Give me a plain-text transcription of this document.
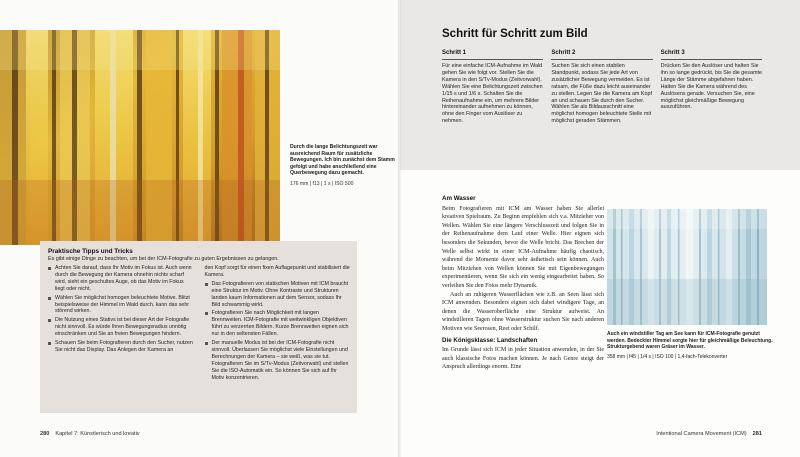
Durch die lange Belichtungszeit war ausreichend Raum für zusätzliche Bewegungen. Ich bin zunächst dem Stamm gefolgt und habe anschließend eine Querbewegung dazu gemacht.
176 mm | f13 | 1 s | ISO 500
Praktische Tipps und Tricks
Es gibt einige Dinge zu beachten, um bei der ICM-Fotografie zu guten Ergebnissen zu gelangen.
Achten Sie darauf, dass Ihr Motiv im Fokus ist. Auch wenn durch die Bewegung der Kamera ohnehin nichts scharf wird, sieht ein geschultes Auge, ob das Motiv im Fokus liegt oder nicht.
Wählen Sie möglichst homogen beleuchtete Motive. Blitzt beispielsweise der Himmel im Wald durch, kann das sehr störend wirken.
Die Nutzung eines Stativs ist bei dieser Art der Fotografie nicht sinnvoll. Es würde Ihren Bewegungsradius unnötig einschränken und Sie an freien Bewegungen hindern.
Schauen Sie beim Fotografieren durch den Sucher, nutzen Sie nicht das Display. Das Anlegen der Kamera an
den Kopf sorgt für einen fixen Auflagepunkt und stabilisiert die Kamera.
Das Fotografieren von statischen Motiven mit ICM braucht eine Struktur im Motiv. Ohne Kontraste und Strukturen landen kaum Informationen auf dem Sensor, sodass Ihr Bild schwammig wirkt.
Fotografieren Sie nach Möglichkeit mit langen Brennweiten. ICM-Fotografie mit weitwinkligen Objektiven führt zu verzerrten Bildern. Kurze Brennweiten eignen sich nur in den seltensten Fällen.
Der manuelle Modus ist bei der ICM-Fotografie nicht sinnvoll. Überlassen Sie möglichst viele Einstellungen und Berechnungen der Kamera – sie weiß, was sie tut. Fotografieren Sie im S/Tv-Modus (Zeitvorwahl) und stellen Sie die ISO-Automatik ein. So können Sie sich auf Ihr Motiv konzentrieren.
280 Kapitel 7: Künstlerisch und kreativ
Schritt für Schritt zum Bild
Schritt 1
Für eine einfache ICM-Aufnahme im Wald gehen Sie wie folgt vor. Stellen Sie die Kamera in den S/Tv-Modus (Zeitvorwahl). Wählen Sie eine Belichtungszeit zwischen 1/15 s und 1/6 s. Schalten Sie die Reihenaufnahme ein, um mehrere Bilder hintereinander aufnehmen zu können, ohne den Finger vom Auslöser zu nehmen.
Schritt 2
Suchen Sie sich einen stabilen Standpunkt, sodass Sie jede Art von zusätzlicher Bewegung vermeiden. Es ist ratsam, die Füße dazu leicht auseinander zu stellen. Legen Sie die Kamera am Kopf an und schauen Sie durch den Sucher. Wählen Sie als Bildausschnitt eine möglichst homogen beleuchtete Stelle mit möglichst geraden Stämmen.
Schritt 3
Drücken Sie den Auslöser und halten Sie ihn so lange gedrückt, bis Sie die gesamte Länge der Stämme abgefahren haben. Halten Sie die Kamera während des Auslösens gerade. Versuchen Sie, eine möglichst gleichmäßige Bewegung auszuführen.
Am Wasser

Beim Fotografieren mit ICM am Wasser haben Sie allerlei kreativen Spielraum. Zu Beginn empfehlen sich v.a. Mitzieher von Wellen. Wählen Sie eine längere Verschlusszeit und folgen Sie in der Reihenaufnahme dem Lauf einer Welle. Hier eignen sich besonders die Sekunden, bevor die Welle bricht. Das Brechen der Welle selbst wirkt in einer ICM-Aufnahme häufig chaotisch, während die Momente davor sehr ästhetisch sein können. Auch beim Mitziehen von Wellen können Sie mit Eigenbewegungen experimentieren, wenn Sie sich ein wenig eingearbeitet haben. So verleihen Sie den Fotos mehr Dynamik.

Auch an ruhigeren Wasserflächen wie z.B. an Seen lässt sich ICM anwenden. Besonders eignen sich dabei windigere Tage, an denen die Wasseroberfläche eine Struktur aufweist. An windstilleren Tagen ohne Wasserstruktur suchen Sie nach anderen Motiven wie Seerosen, Reet oder Schilf.

Die Königsklasse: Landschaften

Im Grunde lässt sich ICM in jeder Situation anwenden, in der Sie auch klassische Fotos machen können. Je nach Genre steigt der Anspruch allerdings enorm. Eine

Auch ein windstiller Tag am See kann für ICM-Fotografie genutzt werden. Bedeckter Himmel sorgte hier für gleichmäßige Beleuchtung. Strukturgebend waren Gräser im Wasser.
358 mm | f45 | 1/4 s | ISO 100 | 1,4-fach-Telekonverter
Intentional Camera Movement (ICM) 281
